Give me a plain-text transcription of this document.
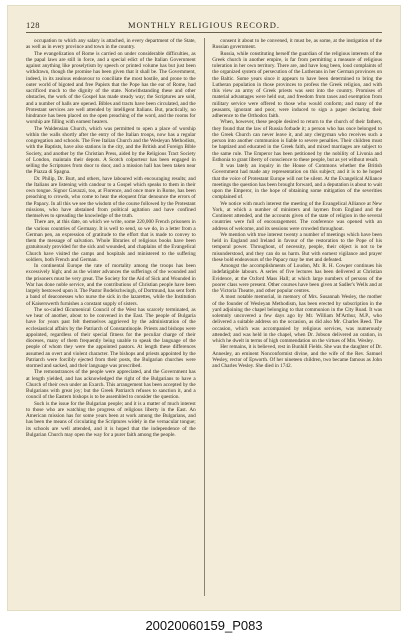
128	MONTHLY RELIGIOUS RECORD.

occupation to which any salary is attached, in every department of the State, as well as in every province and town in the country.

The evangelization of Rome is carried on under considerable difficulties, as the papal laws are still in force, and a special edict of the Italian Government against anything like proselytism by speech or printed volume has but just been withdrawn, though the promise has been given that it shall be. The Government, indeed, in its zealous endeavour to conciliate the most hostile, and prone to the outer world of bigoted and free Papists that the Pope has the ear of Rome, had sacrificed much to the dignity of the state. Notwithstanding these and other obstacles, the work of the Gospel has made steady way; the Scriptures are sold, and a number of halls are opened. Bibles and tracts have been circulated, and the Protestant services are well attended by intelligent Italians. But, practically, no hindrance has been placed on the open preaching of the word, and the rooms for worship are filling with earnest hearers.

The Waldensian Church, which was permitted to open a place of worship within the walls shortly after the entry of the Italian troops, now has a regular congregation and schools. The Free Italian Church and the Wesleyan Methodists, with the Baptists, have also stations in the city, and the British and Foreign Bible Society, and another by the Christian Press, aided by the Religious Tract Society of London, maintain their depots. A Scotch colporteur has been engaged in selling the Scriptures from door to door, and a mission hall has been taken near the Piazza di Spagna.

Dr. Philip, Dr. Burt, and others, have laboured with encouraging results; and the Italians are listening with candour to a Gospel which speaks to them in their own tongue. Signor Gavazzi, too, at Florence, and once more in Rome, has been preaching to crowds, who come to hear the eloquent friar denounce the errors of the Papacy. In all this we see the wisdom of the course followed by the Protestant missions, who have abstained from political agitation and have confined themselves to spreading the knowledge of the truth.

There are, at this date, on which we write, some 220,000 French prisoners in the various countries of Germany. It is well to send, so we do, in a letter from a German pen, an expression of gratitude to the effort that is made to convey to them the message of salvation. Whole libraries of religious books have been gratuitously provided for the sick and wounded, and chaplains of the Evangelical Church have visited the camps and hospitals and ministered to the suffering soldiers, both French and German.

In continental Europe the rate of mortality among the troops has been excessively high; and as the winter advances the sufferings of the wounded and the prisoners must be very great. The Society for the Aid of Sick and Wounded in War has done noble service, and the contributions of Christian people have been largely bestowed upon it. The Pastor Bodelschwingh, of Dortmund, has sent forth a band of deaconesses who nurse the sick in the lazarettes, while the Institution of Kaiserswerth furnishes a constant supply of sisters.

The so-called Œcumenical Council of the West has scarcely terminated, as we hear of another, about to be convened in the East. The people of Bulgaria have for years past felt themselves aggrieved by the administration of the ecclesiastical affairs by the Patriarch of Constantinople. Priests and bishops were appointed, regardless of their special fitness for the peculiar charge of their dioceses, many of them frequently being unable to speak the language of the people of whom they were the appointed pastors. At length these differences assumed an overt and violent character. The bishops and priests appointed by the Patriarch were forcibly ejected from their posts, the Bulgarian churches were stormed and sacked, and their language was proscribed.

The remonstrances of the people were appreciated, and the Government has at length yielded, and has acknowledged the right of the Bulgarians to have a Church of their own under an Exarch. This arrangement has been accepted by the Bulgarians with great joy; but the Greek Patriarch refuses to sanction it, and a council of the Eastern bishops is to be assembled to consider the question.

Such is the issue for the Bulgarian people; and it is a matter of much interest to those who are watching the progress of religious liberty in the East. An American mission has for some years been at work among the Bulgarians, and has been the means of circulating the Scriptures widely in the vernacular tongue; its schools are well attended, and it is hoped that the independence of the Bulgarian Church may open the way for a purer faith among the people.

consent it about to be convened, it must be, as some, at the instigation of the Russian government.

Russia, while constituting herself the guardian of the religious interests of the Greek church in another empire, is far from permitting a measure of religious toleration in her own territory. There are, and have long been, loud complaints of the organized system of persecution of the Lutherans in her German provinces on the Baltic. Some years since it appears to have been determined to bring the Lutheran population in those provinces to profess the Greek religion, and with this view an army of Greek priests was sent into the country. Promises of material advantages were held out, and freedom from taxes and exemption from military service were offered to those who would conform; and many of the peasants, ignorant and poor, were induced to sign a paper declaring their adherence to the Orthodox faith.

When, however, these people desired to return to the church of their fathers, they found that the law of Russia forbade it; a person who has once belonged to the Greek Church can never leave it, and any clergyman who receives such a person into another communion is liable to severe penalties. Their children must be baptized and educated in the Greek faith, and mixed marriages are subject to the same rule. The Emperor has been petitioned by the nobility of Livonia and Esthonia to grant liberty of conscience to these people, but as yet without result.

It was lately an inquiry in the House of Commons whether the British Government had made any representation on this subject; and it is to be hoped that the voice of Protestant Europe will not be silent. At the Evangelical Alliance meetings the question has been brought forward, and a deputation is about to wait upon the Emperor, in the hope of obtaining some mitigation of the severities complained of.

We notice with much interest the meeting of the Evangelical Alliance at New York, at which a number of ministers and laymen from England and the Continent attended, and the accounts given of the state of religion in the several countries were full of encouragement. The conference was opened with an address of welcome, and its sessions were crowded throughout.

We mention with true interest twenty a number of meetings which have been held in England and Ireland in favour of the restoration to the Pope of his temporal power. Throughout, of necessity, people, their object is not to be misunderstood, and they can do us harm. But with earnest vigilance and prayer these bold endeavours of the Papacy may be met and defeated.

Amongst the accomplishments of Loudon, Mr. R. H. Cowper continues his indefatigable labours. A series of five lectures has been delivered at Christian Evidence, at the Oxford Mass Hall; at which large numbers of persons of the poorer class were present. Other courses have been given at Sadler's Wells and at the Victoria Theatre, and other popular centres.

A most notable memorial, in memory of Mrs. Susannah Wesley, the mother of the founder of Wesleyan Methodism, has been erected by subscription in the yard adjoining the chapel belonging to that communion in the City Road. It was solemnly uncovered a few days ago by Mr. William M'Arthur, M.P., who delivered a suitable address on the occasion, as did also Mr. Charles Reed. The occasion, which was accompanied by religious services, was numerously attended; and was held in the chapel, when Dr. Jobson delivered an oration, in which he dwelt in terms of high commendation on the virtues of Mrs. Wesley.

Her remains, it is believed, rest in Bunhill Fields. She was the daughter of Dr. Annesley, an eminent Nonconformist divine, and the wife of the Rev. Samuel Wesley, rector of Epworth. Of her nineteen children, two became famous as John and Charles Wesley. She died in 1742.

20020060159_P083
